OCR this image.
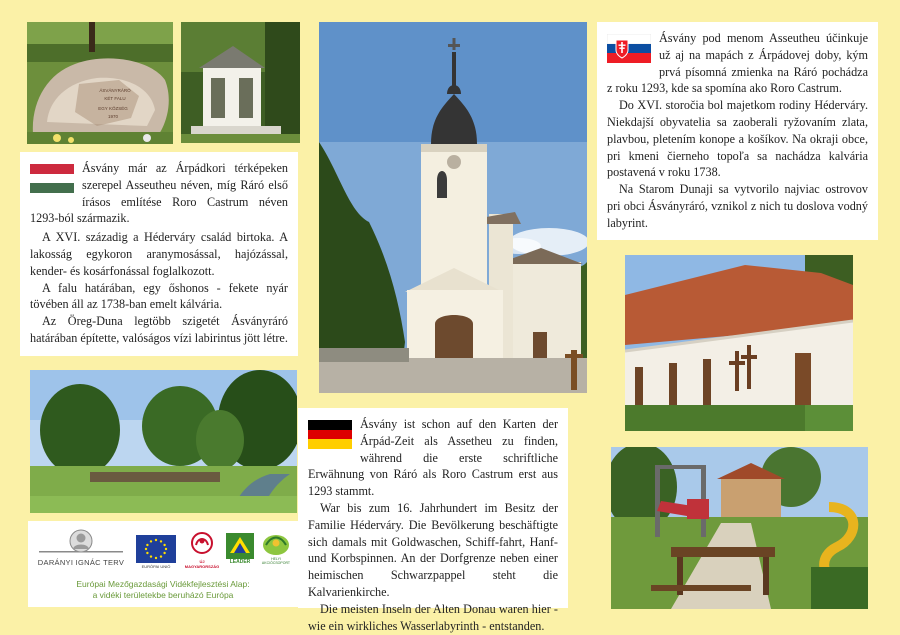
ÁSVÁNYRÁRÓ
KÉT FALU
EGY KÖZSÉG
1970

Ásvány már az Árpádkori térképeken szerepel Asseutheu néven, míg Ráró első írásos említése Roro Castrum néven 1293-ból származik.

A XVI. századig a Héderváry család birtoka. A lakosság egykoron aranymosással, hajózással, kender- és kosárfonással foglalkozott.

A falu határában, egy őshonos - fekete nyár tövében áll az 1738-ban emelt kálvária.

Az Öreg-Duna legtöbb szigetét Ásványráró határában építette, valóságos vízi labirintus jött létre.

Ásvány pod menom Asseutheu účinkuje už aj na mapách z Árpádovej doby, kým prvá písomná zmienka na Ráró pochádza z roku 1293, kde sa spomína ako Roro Castrum.

Do XVI. storočia bol majetkom rodiny Héderváry. Niekdajší obyvatelia sa zaoberali ryžovaním zlata, plavbou, pletením konope a košíkov. Na okraji obce, pri kmeni čierneho topoľa sa nachádza kalvária postavená v roku 1738.

Na Starom Dunaji sa vytvorilo najviac ostrovov pri obci Ásványráró, vznikol z nich tu doslova vodný labyrint.

Ásvány ist schon auf den Karten der Árpád-Zeit als Assetheu zu finden, während die erste schriftliche Erwähnung von Ráró als Roro Castrum erst aus 1293 stammt.

War bis zum 16. Jahrhundert im Besitz der Familie Héderváry. Die Bevölkerung beschäftigte sich damals mit Goldwaschen, Schiff-fahrt, Hanf- und Korbspinnen. An der Dorfgrenze neben einer heimischen Schwarzpappel steht die Kalvarienkirche.

Die meisten Inseln der Alten Donau waren hier - wie ein wirkliches Wasserlabyrinth - entstanden.

DARÁNYI IGNÁC TERV	EURÓPAI UNIÓ
ÚJ MAGYARORSZÁG
LEADER	HELYI AKCIÓCSOPORT
Európai Mezőgazdasági Vidékfejlesztési Alap:
a vidéki területekbe beruházó Európa
